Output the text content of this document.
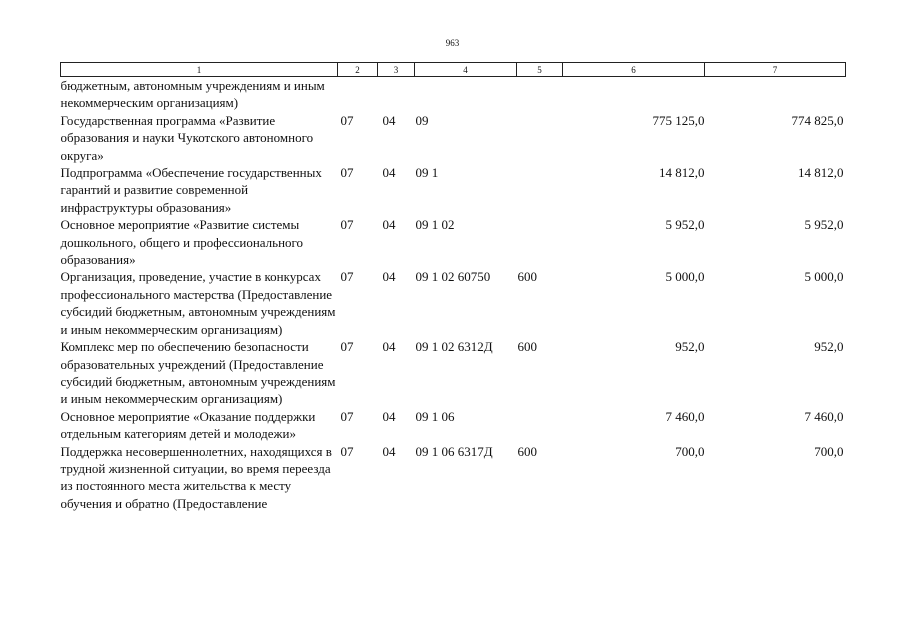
963
1	2	3	4	5	6	7
бюджетным, автономным учреждениям и иным некоммерческим организациям)						
Государственная программа «Развитие образования и науки Чукотского автономного округа»	07	04	09		775 125,0	774 825,0
Подпрограмма «Обеспечение государственных гарантий и развитие современной инфраструктуры образования»	07	04	09 1		14 812,0	14 812,0
Основное мероприятие «Развитие системы дошкольного, общего и профессионального образования»	07	04	09 1 02		5 952,0	5 952,0
Организация, проведение, участие в конкурсах профессионального мастерства (Предоставление субсидий бюджетным, автономным учреждениям и иным некоммерческим организациям)	07	04	09 1 02 60750	600	5 000,0	5 000,0
Комплекс мер по обеспечению безопасности образовательных учреждений (Предоставление субсидий бюджетным, автономным учреждениям и иным некоммерческим организациям)	07	04	09 1 02 6312Д	600	952,0	952,0
Основное мероприятие «Оказание поддержки отдельным категориям детей и молодежи»	07	04	09 1 06		7 460,0	7 460,0
Поддержка несовершеннолетних, находящихся в трудной жизненной ситуации, во время переезда из постоянного места жительства к месту обучения и обратно (Предоставление	07	04	09 1 06 6317Д	600	700,0	700,0
